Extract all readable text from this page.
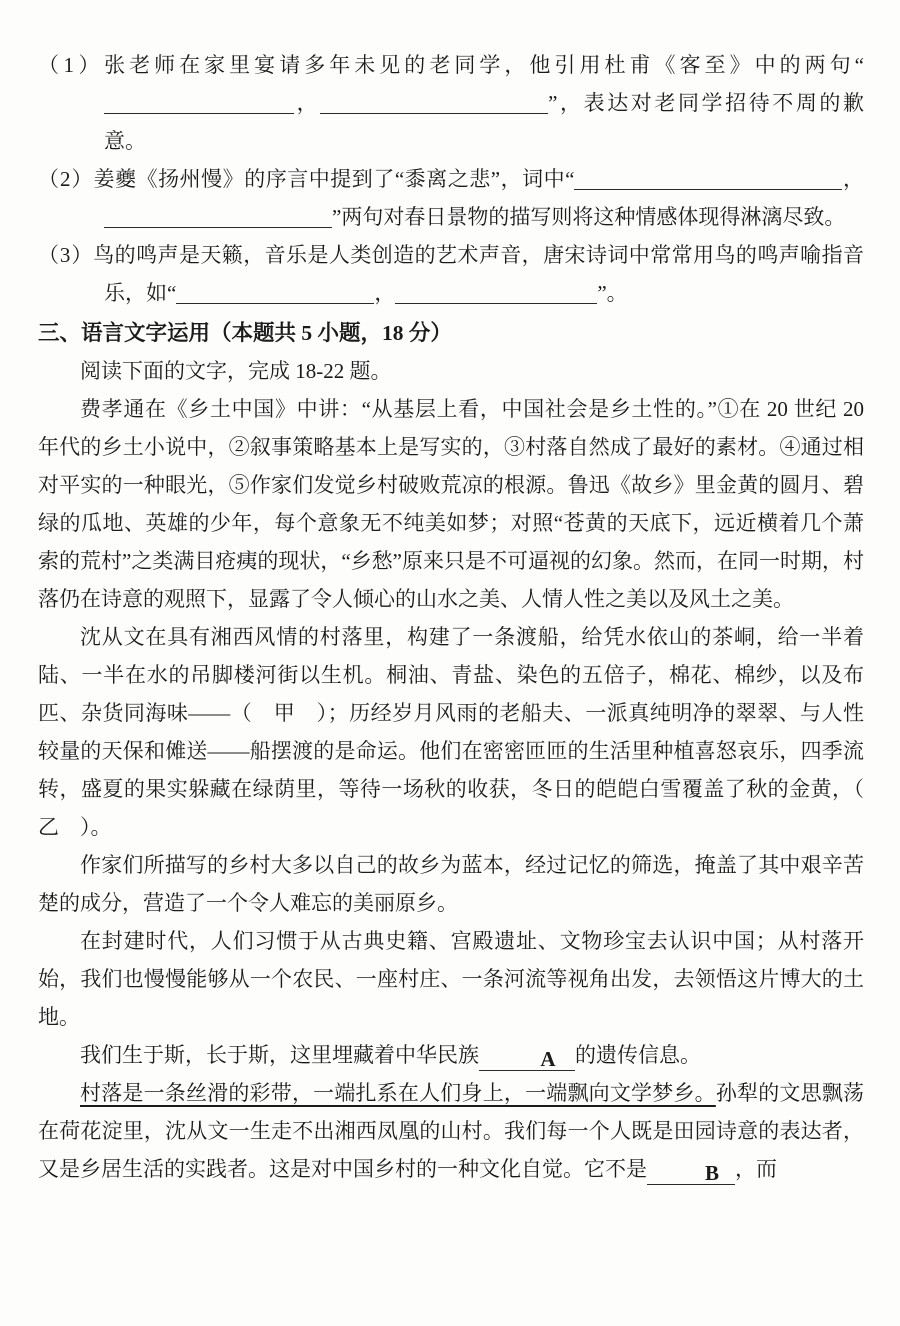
（1）张老师在家里宴请多年未见的老同学，他引用杜甫《客至》中的两句“，	”，表达对老同学招待不周的歉意。
（2）姜夔《扬州慢》的序言中提到了“黍离之悲”，词中“	，”两句对春日景物的描写则将这种情感体现得淋漓尽致。
（3）鸟的鸣声是天籁，音乐是人类创造的艺术声音，唐宋诗词中常常用鸟的鸣声喻指音乐，如“	，	”。
三、语言文字运用（本题共 5 小题，18 分）

阅读下面的文字，完成 18-22 题。

费孝通在《乡土中国》中讲：“从基层上看，中国社会是乡土性的。”①在 20 世纪 20 年代的乡土小说中，②叙事策略基本上是写实的，③村落自然成了最好的素材。④通过相对平实的一种眼光，⑤作家们发觉乡村破败荒凉的根源。鲁迅《故乡》里金黄的圆月、碧绿的瓜地、英雄的少年，每个意象无不纯美如梦；对照“苍黄的天底下，远近横着几个萧索的荒村”之类满目疮痍的现状，“乡愁”原来只是不可逼视的幻象。然而，在同一时期，村落仍在诗意的观照下，显露了令人倾心的山水之美、人情人性之美以及风土之美。

沈从文在具有湘西风情的村落里，构建了一条渡船，给凭水依山的茶峒，给一半着陆、一半在水的吊脚楼河街以生机。桐油、青盐、染色的五倍子，棉花、棉纱，以及布匹、杂货同海味——（　甲　）；历经岁月风雨的老船夫、一派真纯明净的翠翠、与人性较量的天保和傩送——船摆渡的是命运。他们在密密匝匝的生活里种植喜怒哀乐，四季流转，盛夏的果实躲藏在绿荫里，等待一场秋的收获，冬日的皑皑白雪覆盖了秋的金黄，（　乙　）。

作家们所描写的乡村大多以自己的故乡为蓝本，经过记忆的筛选，掩盖了其中艰辛苦楚的成分，营造了一个令人难忘的美丽原乡。

在封建时代，人们习惯于从古典史籍、宫殿遗址、文物珍宝去认识中国；从村落开始，我们也慢慢能够从一个农民、一座村庄、一条河流等视角出发，去领悟这片博大的土地。

我们生于斯，长于斯，这里埋藏着中华民族	A 的遗传信息。

村落是一条丝滑的彩带，一端扎系在人们身上，一端飘向文学梦乡。孙犁的文思飘荡在荷花淀里，沈从文一生走不出湘西凤凰的山村。我们每一个人既是田园诗意的表达者，又是乡居生活的实践者。这是对中国乡村的一种文化自觉。它不是	B ，而
